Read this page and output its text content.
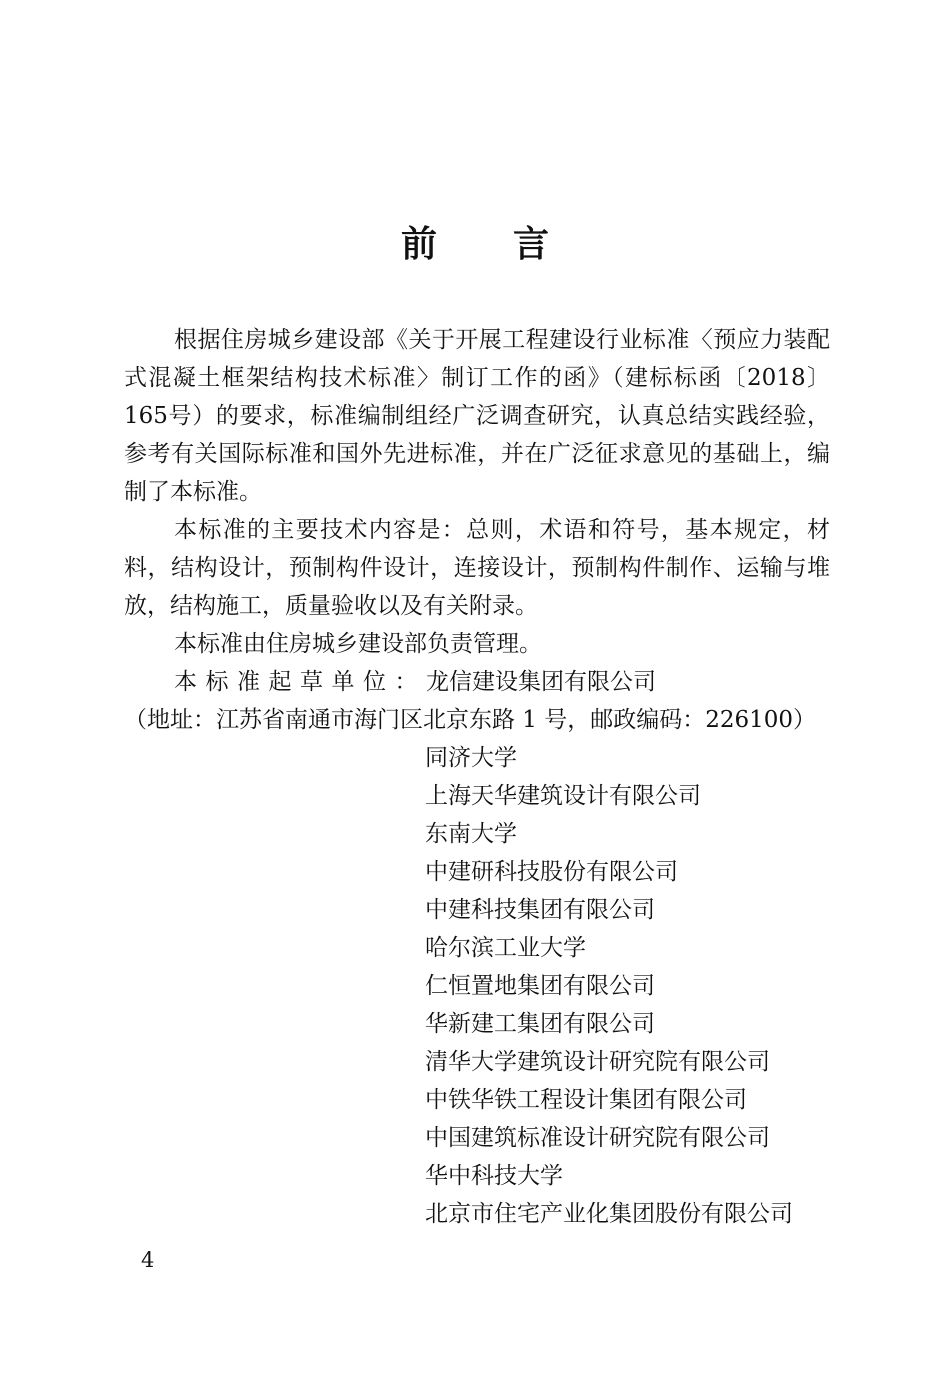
前言

根据住房城乡建设部《关于开展工程建设行业标准〈预应力装配式混凝土框架结构技术标准〉制订工作的函》（建标标函〔2018〕165号）的要求，标准编制组经广泛调查研究，认真总结实践经验，参考有关国际标准和国外先进标准，并在广泛征求意见的基础上，编制了本标准。

本标准的主要技术内容是：总则，术语和符号，基本规定，材料，结构设计，预制构件设计，连接设计，预制构件制作、运输与堆放，结构施工，质量验收以及有关附录。

本标准由住房城乡建设部负责管理。

本标准起草单位：龙信建设集团有限公司

（地址：江苏省南通市海门区北京东路 1 号，邮政编码：226100）

同济大学
上海天华建筑设计有限公司
东南大学
中建研科技股份有限公司
中建科技集团有限公司
哈尔滨工业大学
仁恒置地集团有限公司
华新建工集团有限公司
清华大学建筑设计研究院有限公司
中铁华铁工程设计集团有限公司
中国建筑标准设计研究院有限公司
华中科技大学
北京市住宅产业化集团股份有限公司
4
